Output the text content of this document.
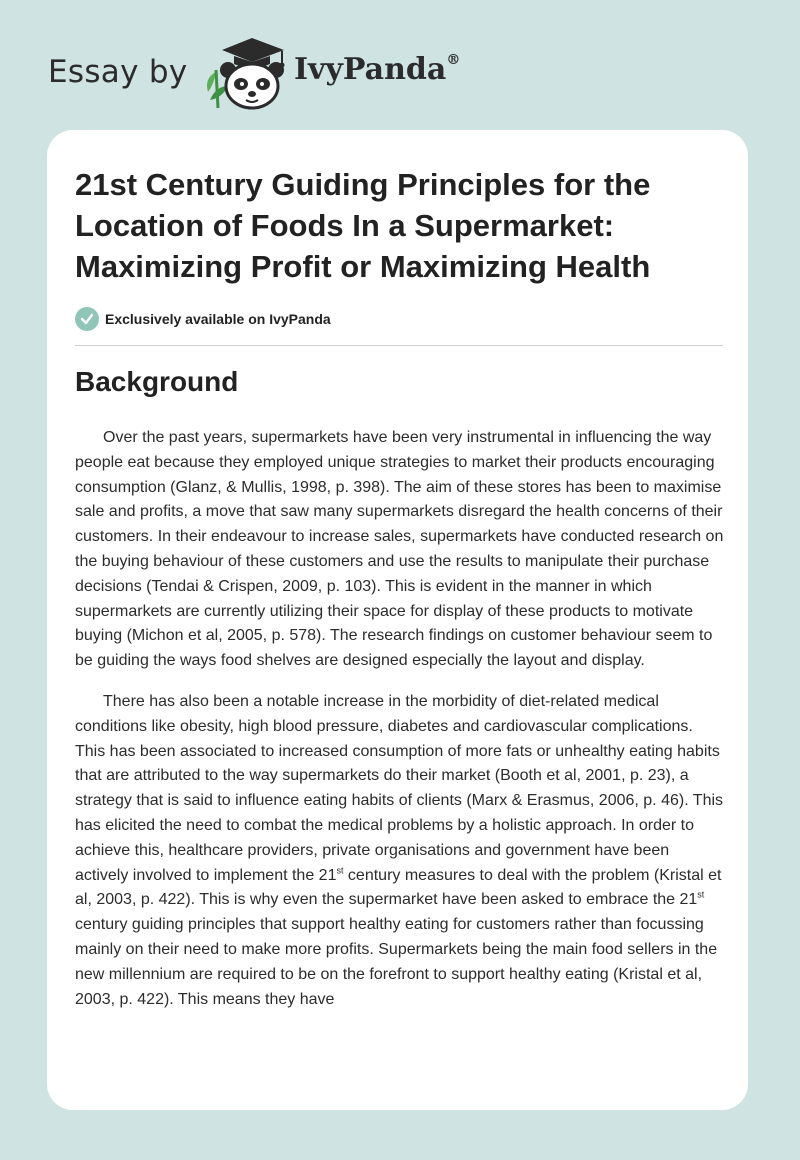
Essay by	IvyPanda®
21st Century Guiding Principles for the Location of Foods In a Supermarket: Maximizing Profit or Maximizing Health
Exclusively available on IvyPanda
Background

Over the past years, supermarkets have been very instrumental in influencing the way people eat because they employed unique strategies to market their products encouraging consumption (Glanz, & Mullis, 1998, p. 398). The aim of these stores has been to maximise sale and profits, a move that saw many supermarkets disregard the health concerns of their customers. In their endeavour to increase sales, supermarkets have conducted research on the buying behaviour of these customers and use the results to manipulate their purchase decisions (Tendai & Crispen, 2009, p. 103). This is evident in the manner in which supermarkets are currently utilizing their space for display of these products to motivate buying (Michon et al, 2005, p. 578). The research findings on customer behaviour seem to be guiding the ways food shelves are designed especially the layout and display.

There has also been a notable increase in the morbidity of diet-related medical conditions like obesity, high blood pressure, diabetes and cardiovascular complications. This has been associated to increased consumption of more fats or unhealthy eating habits that are attributed to the way supermarkets do their market (Booth et al, 2001, p. 23), a strategy that is said to influence eating habits of clients (Marx & Erasmus, 2006, p. 46). This has elicited the need to combat the medical problems by a holistic approach. In order to achieve this, healthcare providers, private organisations and government have been actively involved to implement the 21st century measures to deal with the problem (Kristal et al, 2003, p. 422). This is why even the supermarket have been asked to embrace the 21st century guiding principles that support healthy eating for customers rather than focussing mainly on their need to make more profits. Supermarkets being the main food sellers in the new millennium are required to be on the forefront to support healthy eating (Kristal et al, 2003, p. 422). This means they have
